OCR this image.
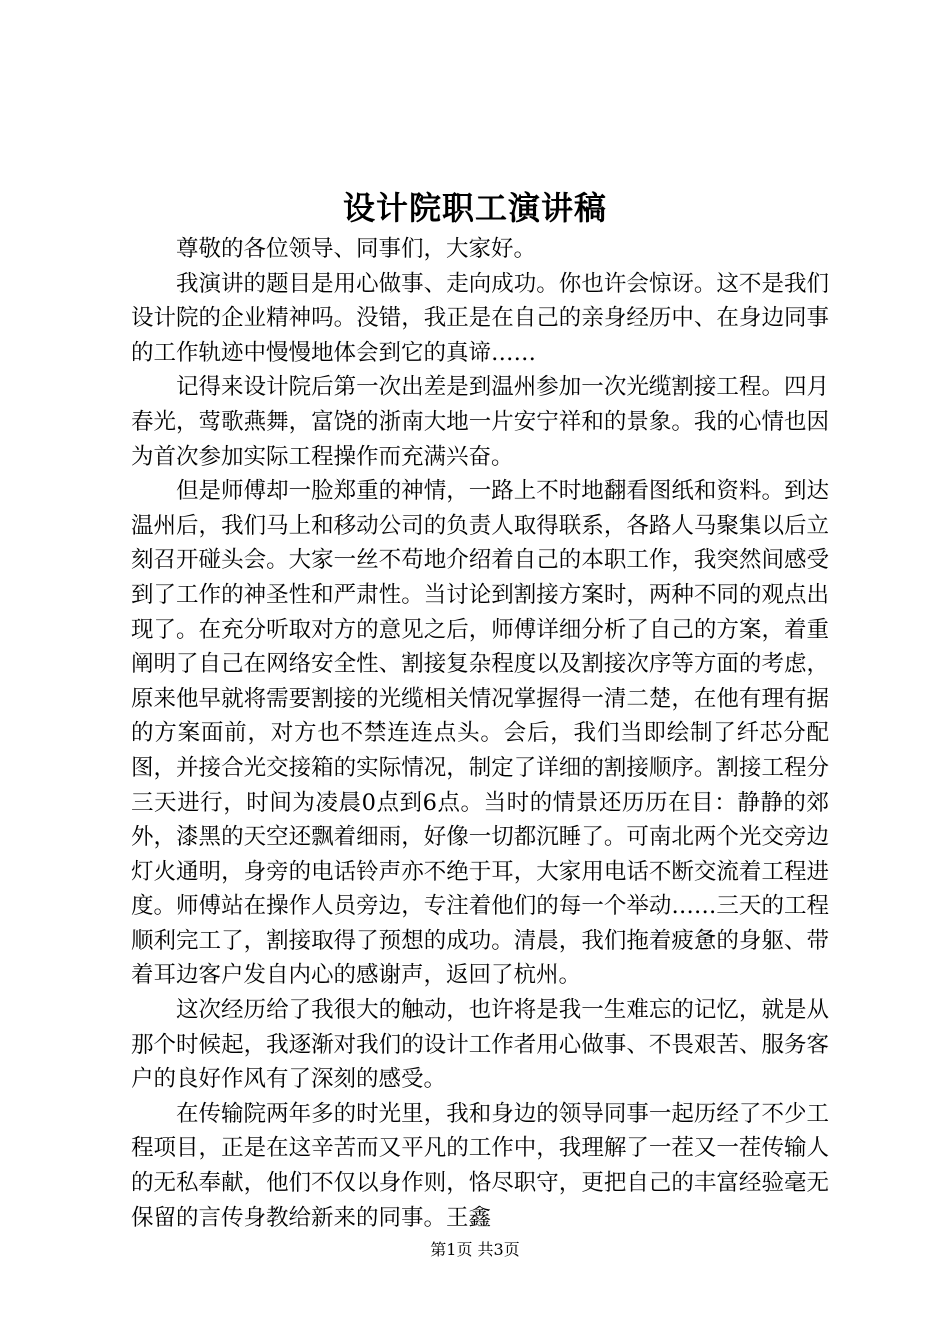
设计院职工演讲稿

尊敬的各位领导、同事们，大家好。

我演讲的题目是用心做事、走向成功。你也许会惊讶。这不是我们设计院的企业精神吗。没错，我正是在自己的亲身经历中、在身边同事的工作轨迹中慢慢地体会到它的真谛……

记得来设计院后第一次出差是到温州参加一次光缆割接工程。四月春光，莺歌燕舞，富饶的浙南大地一片安宁祥和的景象。我的心情也因为首次参加实际工程操作而充满兴奋。

但是师傅却一脸郑重的神情，一路上不时地翻看图纸和资料。到达温州后，我们马上和移动公司的负责人取得联系，各路人马聚集以后立刻召开碰头会。大家一丝不苟地介绍着自己的本职工作，我突然间感受到了工作的神圣性和严肃性。当讨论到割接方案时，两种不同的观点出现了。在充分听取对方的意见之后，师傅详细分析了自己的方案，着重阐明了自己在网络安全性、割接复杂程度以及割接次序等方面的考虑，原来他早就将需要割接的光缆相关情况掌握得一清二楚，在他有理有据的方案面前，对方也不禁连连点头。会后，我们当即绘制了纤芯分配图，并接合光交接箱的实际情况，制定了详细的割接顺序。割接工程分三天进行，时间为凌晨0点到6点。当时的情景还历历在目：静静的郊外，漆黑的天空还飘着细雨，好像一切都沉睡了。可南北两个光交旁边灯火通明，身旁的电话铃声亦不绝于耳，大家用电话不断交流着工程进度。师傅站在操作人员旁边，专注着他们的每一个举动……三天的工程顺利完工了，割接取得了预想的成功。清晨，我们拖着疲惫的身躯、带着耳边客户发自内心的感谢声，返回了杭州。

这次经历给了我很大的触动，也许将是我一生难忘的记忆，就是从那个时候起，我逐渐对我们的设计工作者用心做事、不畏艰苦、服务客户的良好作风有了深刻的感受。

在传输院两年多的时光里，我和身边的领导同事一起历经了不少工程项目，正是在这辛苦而又平凡的工作中，我理解了一茬又一茬传输人的无私奉献，他们不仅以身作则，恪尽职守，更把自己的丰富经验毫无保留的言传身教给新来的同事。王鑫

第1页 共3页
